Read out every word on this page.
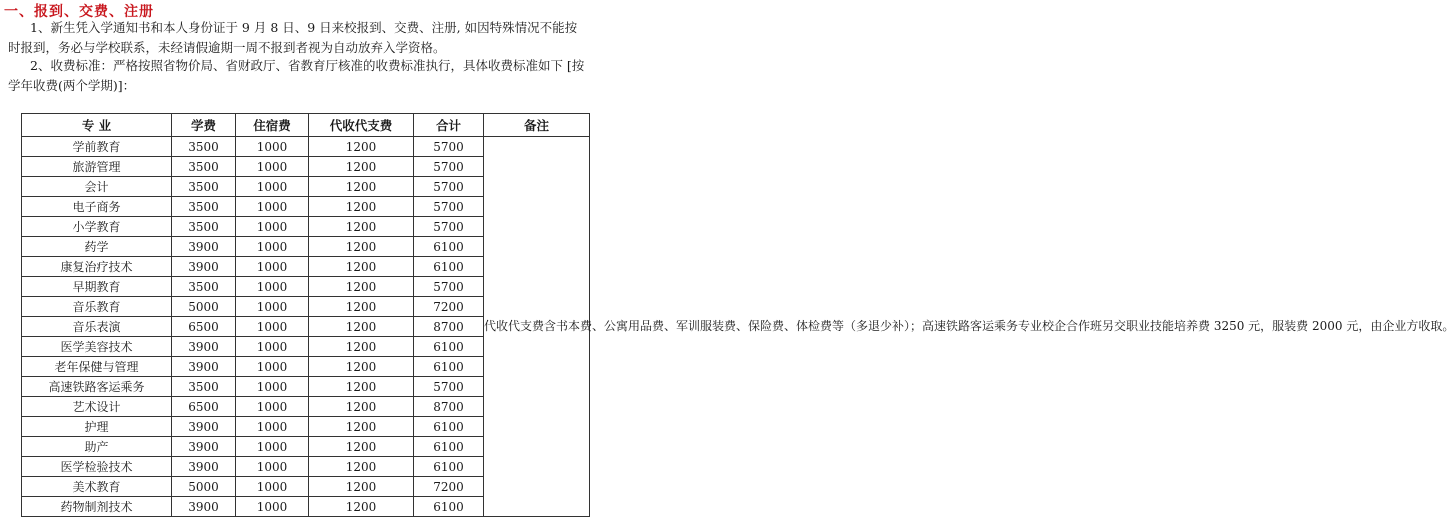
一、报到、交费、注册

1、新生凭入学通知书和本人身份证于 9 月 8 日、9 日来校报到、交费、注册, 如因特殊情况不能按时报到，务必与学校联系，未经请假逾期一周不报到者视为自动放弃入学资格。

2、收费标准：严格按照省物价局、省财政厅、省教育厅核准的收费标准执行，具体收费标准如下 [按学年收费(两个学期)]：

专 业	学费	住宿费	代收代支费	合计	备注
学前教育	3500	1000	1200	5700	代收代支费含书本费、公寓用品费、军训服装费、保险费、体检费等（多退少补）；高速铁路客运乘务专业校企合作班另交职业技能培养费 3250 元，服装费 2000 元，由企业方收取。
旅游管理	3500	1000	1200	5700	
会计	3500	1000	1200	5700	
电子商务	3500	1000	1200	5700	
小学教育	3500	1000	1200	5700	
药学	3900	1000	1200	6100	
康复治疗技术	3900	1000	1200	6100	
早期教育	3500	1000	1200	5700	
音乐教育	5000	1000	1200	7200	
音乐表演	6500	1000	1200	8700	
医学美容技术	3900	1000	1200	6100	
老年保健与管理	3900	1000	1200	6100	
高速铁路客运乘务	3500	1000	1200	5700	
艺术设计	6500	1000	1200	8700	
护理	3900	1000	1200	6100	
助产	3900	1000	1200	6100	
医学检验技术	3900	1000	1200	6100	
美术教育	5000	1000	1200	7200	
药物制剂技术	3900	1000	1200	6100	
